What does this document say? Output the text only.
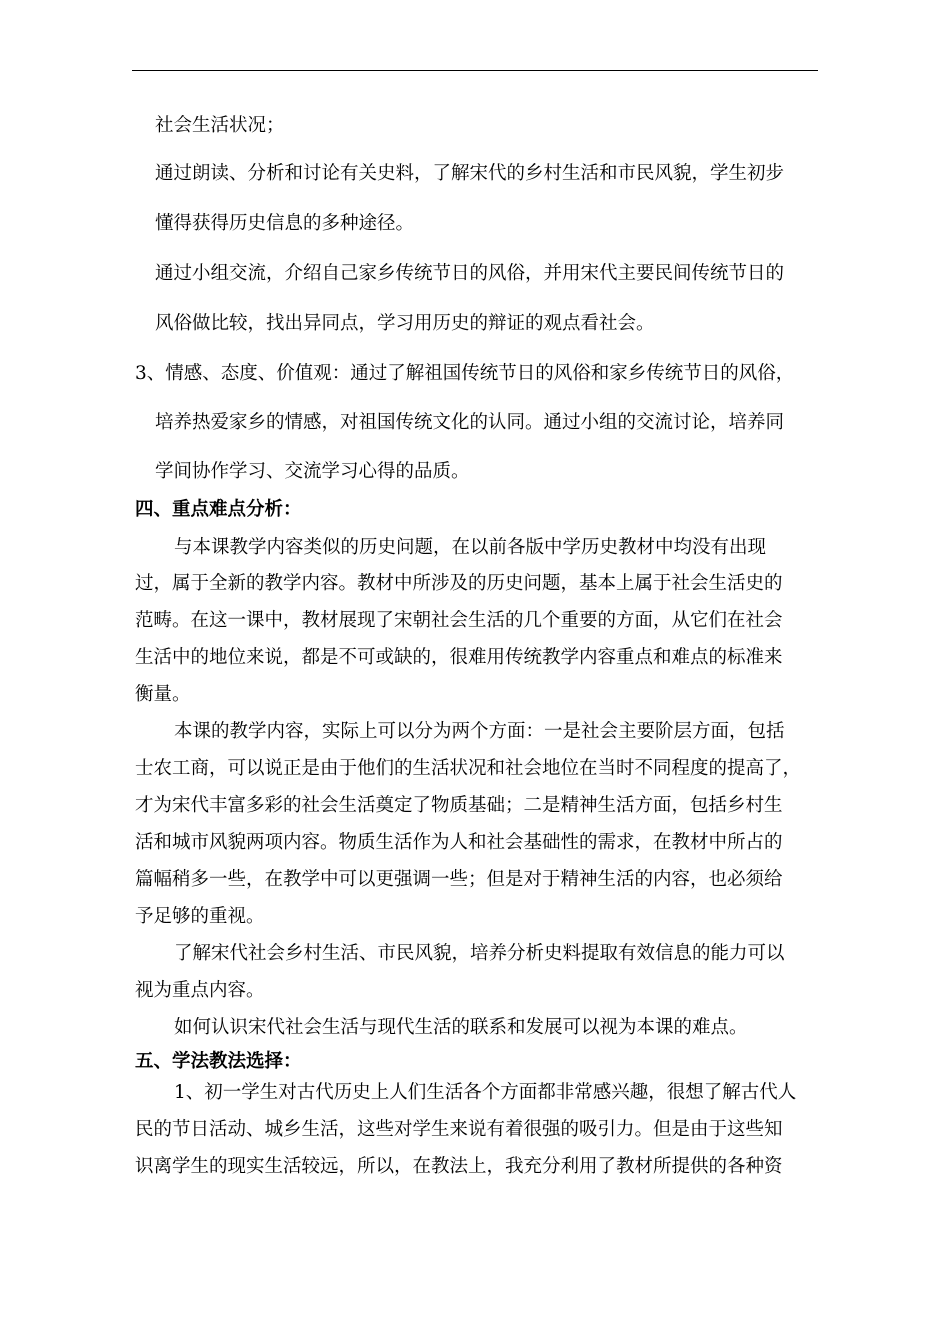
社会生活状况；
通过朗读、分析和讨论有关史料，了解宋代的乡村生活和市民风貌，学生初步
懂得获得历史信息的多种途径。
通过小组交流，介绍自己家乡传统节日的风俗，并用宋代主要民间传统节日的
风俗做比较，找出异同点，学习用历史的辩证的观点看社会。
3、情感、态度、价值观：通过了解祖国传统节日的风俗和家乡传统节日的风俗，
培养热爱家乡的情感，对祖国传统文化的认同。通过小组的交流讨论，培养同
学间协作学习、交流学习心得的品质。
四、重点难点分析：
与本课教学内容类似的历史问题，在以前各版中学历史教材中均没有出现
过，属于全新的教学内容。教材中所涉及的历史问题，基本上属于社会生活史的
范畴。在这一课中，教材展现了宋朝社会生活的几个重要的方面，从它们在社会
生活中的地位来说，都是不可或缺的，很难用传统教学内容重点和难点的标准来
衡量。
本课的教学内容，实际上可以分为两个方面：一是社会主要阶层方面，包括
士农工商，可以说正是由于他们的生活状况和社会地位在当时不同程度的提高了，
才为宋代丰富多彩的社会生活奠定了物质基础；二是精神生活方面，包括乡村生
活和城市风貌两项内容。物质生活作为人和社会基础性的需求，在教材中所占的
篇幅稍多一些，在教学中可以更强调一些；但是对于精神生活的内容，也必须给
予足够的重视。
了解宋代社会乡村生活、市民风貌，培养分析史料提取有效信息的能力可以
视为重点内容。
如何认识宋代社会生活与现代生活的联系和发展可以视为本课的难点。
五、学法教法选择：
1、初一学生对古代历史上人们生活各个方面都非常感兴趣，很想了解古代人
民的节日活动、城乡生活，这些对学生来说有着很强的吸引力。但是由于这些知
识离学生的现实生活较远，所以，在教法上，我充分利用了教材所提供的各种资
